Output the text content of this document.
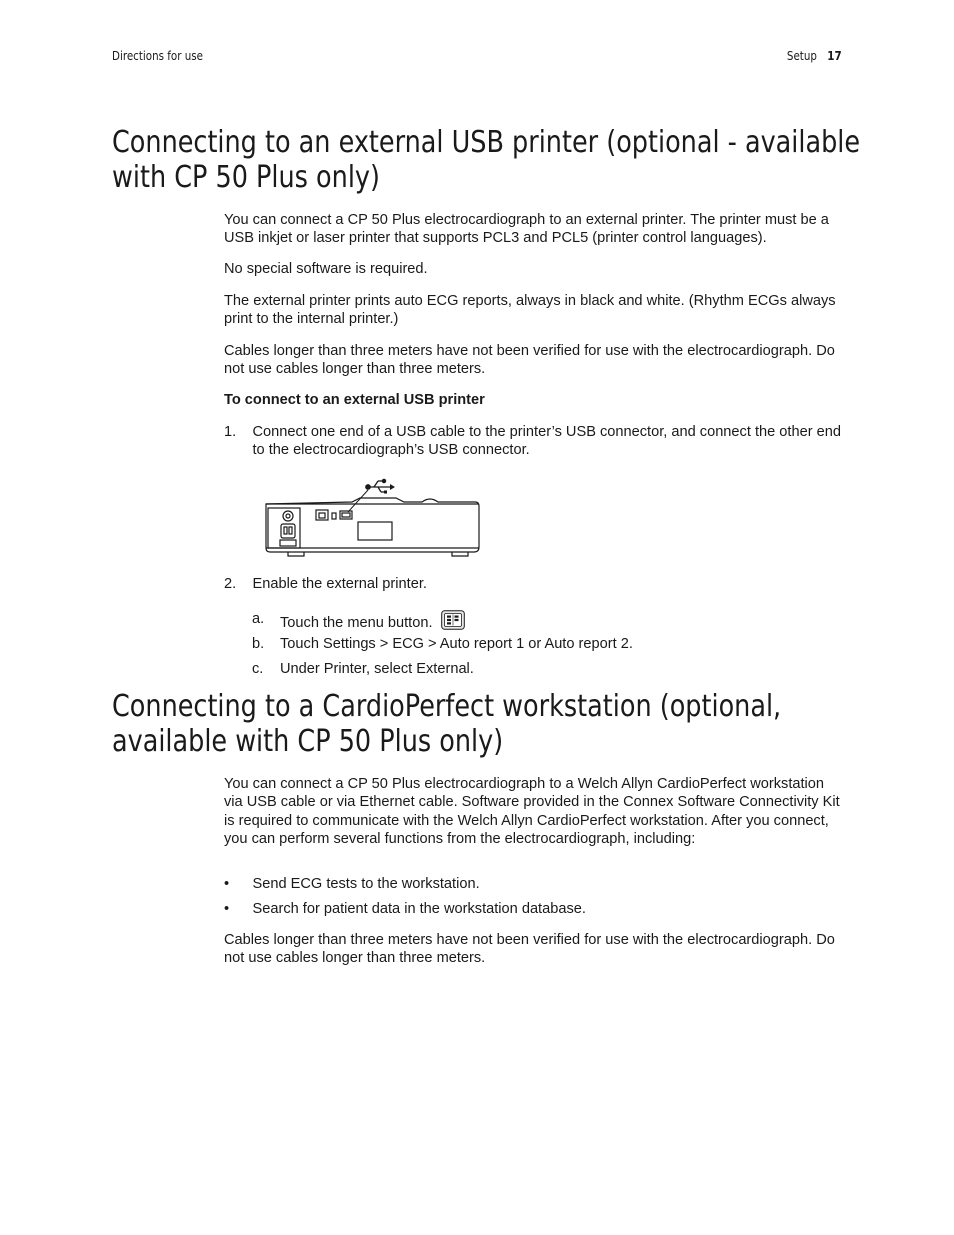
Directions for use	Setup 17
Connecting to an external USB printer (optional - available
with CP 50 Plus only)

You can connect a CP 50 Plus electrocardiograph to an external printer. The printer must be a USB inkjet or laser printer that supports PCL3 and PCL5 (printer control languages).

No special software is required.

The external printer prints auto ECG reports, always in black and white. (Rhythm ECGs always print to the internal printer.)

Cables longer than three meters have not been verified for use with the electrocardiograph. Do not use cables longer than three meters.

To connect to an external USB printer

1. Connect one end of a USB cable to the printer’s USB connector, and connect the other end to the electrocardiograph’s USB connector.
2. Enable the external printer.
a. Touch the menu button.
b. Touch Settings > ECG > Auto report 1 or Auto report 2.
c. Under Printer, select External.
Connecting to a CardioPerfect workstation (optional,
available with CP 50 Plus only)

You can connect a CP 50 Plus electrocardiograph to a Welch Allyn CardioPerfect workstation via USB cable or via Ethernet cable. Software provided in the Connex Software Connectivity Kit is required to communicate with the Welch Allyn CardioPerfect workstation. After you connect, you can perform several functions from the electrocardiograph, including:

• Send ECG tests to the workstation.
• Search for patient data in the workstation database.

Cables longer than three meters have not been verified for use with the electrocardiograph. Do not use cables longer than three meters.
